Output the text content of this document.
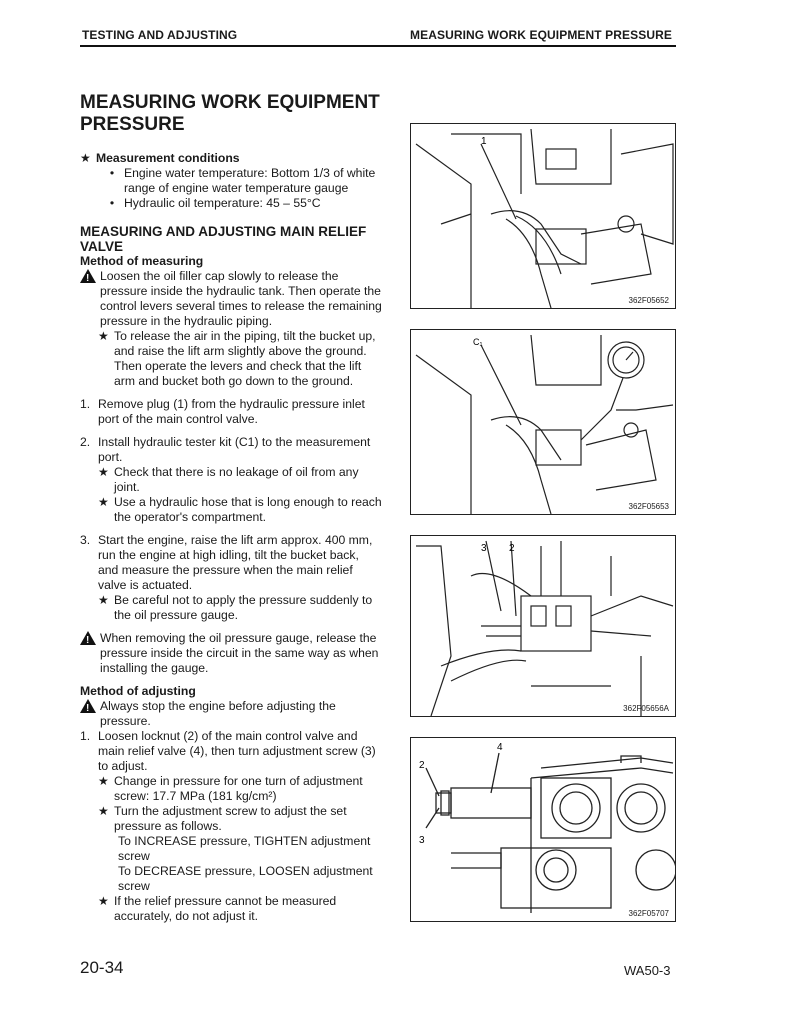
TESTING AND ADJUSTING	MEASURING WORK EQUIPMENT PRESSURE
MEASURING WORK EQUIPMENT PRESSURE
★ Measurement conditions
• Engine water temperature: Bottom 1/3 of white range of engine water temperature gauge
• Hydraulic oil temperature: 45 – 55°C
MEASURING AND ADJUSTING MAIN RELIEF VALVE
Method of measuring
!
Loosen the oil filler cap slowly to release the pressure inside the hydraulic tank. Then operate the control levers several times to release the remaining pressure in the hydraulic piping.
★ To release the air in the piping, tilt the bucket up, and raise the lift arm slightly above the ground. Then operate the levers and check that the lift arm and bucket both go down to the ground.
1. Remove plug (1) from the hydraulic pressure inlet port of the main control valve.
2. Install hydraulic tester kit (C1) to the measurement port.
★ Check that there is no leakage of oil from any joint.
★ Use a hydraulic hose that is long enough to reach the operator's compartment.
3. Start the engine, raise the lift arm approx. 400 mm, run the engine at high idling, tilt the bucket back, and measure the pressure when the main relief valve is actuated.
★ Be careful not to apply the pressure suddenly to the oil pressure gauge.
!
When removing the oil pressure gauge, release the pressure inside the circuit in the same way as when installing the gauge.
Method of adjusting
!
Always stop the engine before adjusting the pressure.
1. Loosen locknut (2) of the main control valve and main relief valve (4), then turn adjustment screw (3) to adjust.
★ Change in pressure for one turn of adjustment screw: 17.7 MPa (181 kg/cm²)
★ Turn the adjustment screw to adjust the set pressure as follows.
To INCREASE pressure, TIGHTEN adjustment screw
To DECREASE pressure, LOOSEN adjustment screw
★ If the relief pressure cannot be measured accurately, do not adjust it.
1
362F05652
C₁
362F05653
3 2
362F05656A
4
2
3
362F05707
20-34	WA50-3
